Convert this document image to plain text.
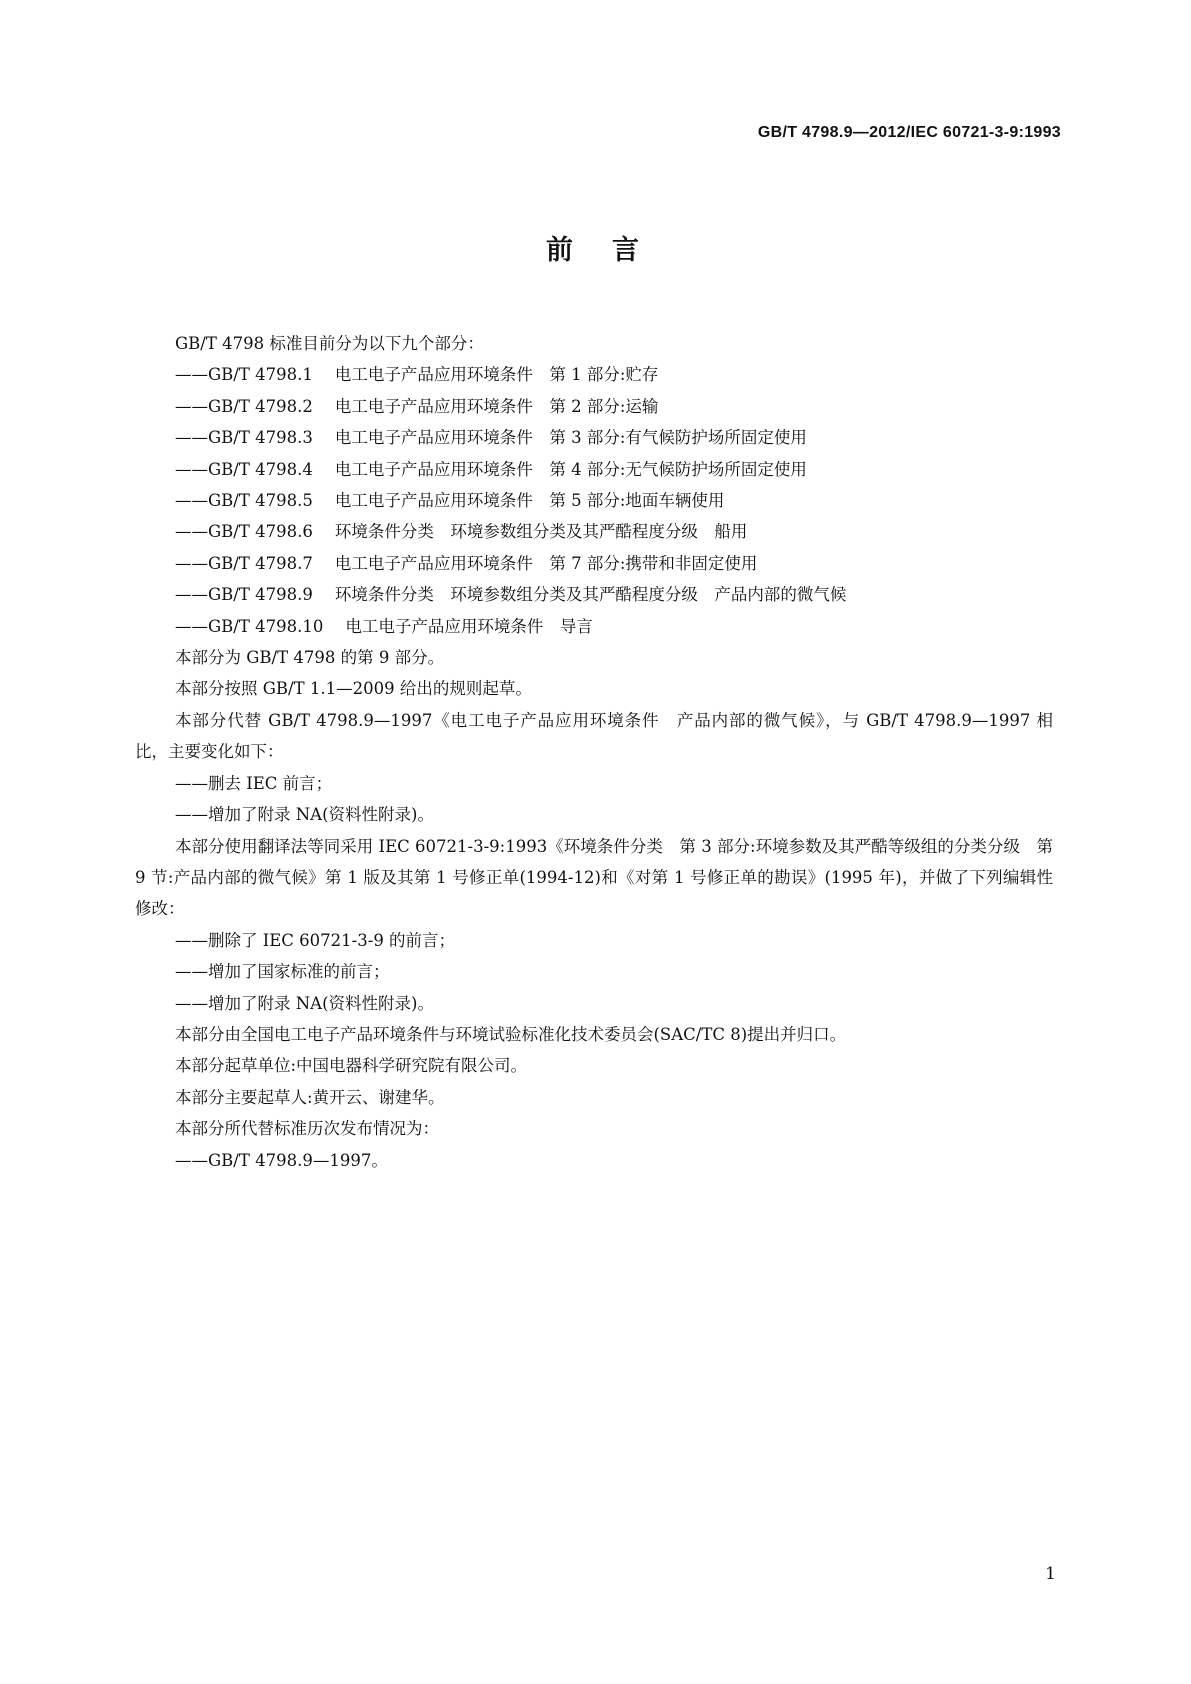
GB/T 4798.9—2012/IEC 60721-3-9:1993
前　言

GB/T 4798 标准目前分为以下九个部分：

——GB/T 4798.1 电工电子产品应用环境条件　第 1 部分:贮存

——GB/T 4798.2 电工电子产品应用环境条件　第 2 部分:运输

——GB/T 4798.3 电工电子产品应用环境条件　第 3 部分:有气候防护场所固定使用

——GB/T 4798.4 电工电子产品应用环境条件　第 4 部分:无气候防护场所固定使用

——GB/T 4798.5 电工电子产品应用环境条件　第 5 部分:地面车辆使用

——GB/T 4798.6 环境条件分类　环境参数组分类及其严酷程度分级　船用

——GB/T 4798.7 电工电子产品应用环境条件　第 7 部分:携带和非固定使用

——GB/T 4798.9 环境条件分类　环境参数组分类及其严酷程度分级　产品内部的微气候

——GB/T 4798.10 电工电子产品应用环境条件　导言

本部分为 GB/T 4798 的第 9 部分。

本部分按照 GB/T 1.1—2009 给出的规则起草。

本部分代替 GB/T 4798.9—1997《电工电子产品应用环境条件　产品内部的微气候》，与 GB/T 4798.9—1997 相比，主要变化如下：

——删去 IEC 前言；

——增加了附录 NA(资料性附录)。

本部分使用翻译法等同采用 IEC 60721-3-9:1993《环境条件分类　第 3 部分:环境参数及其严酷等级组的分类分级　第 9 节:产品内部的微气候》第 1 版及其第 1 号修正单(1994-12)和《对第 1 号修正单的勘误》(1995 年)，并做了下列编辑性修改：

——删除了 IEC 60721-3-9 的前言；

——增加了国家标准的前言；

——增加了附录 NA(资料性附录)。

本部分由全国电工电子产品环境条件与环境试验标准化技术委员会(SAC/TC 8)提出并归口。

本部分起草单位:中国电器科学研究院有限公司。

本部分主要起草人:黄开云、谢建华。

本部分所代替标准历次发布情况为：

——GB/T 4798.9—1997。

1
